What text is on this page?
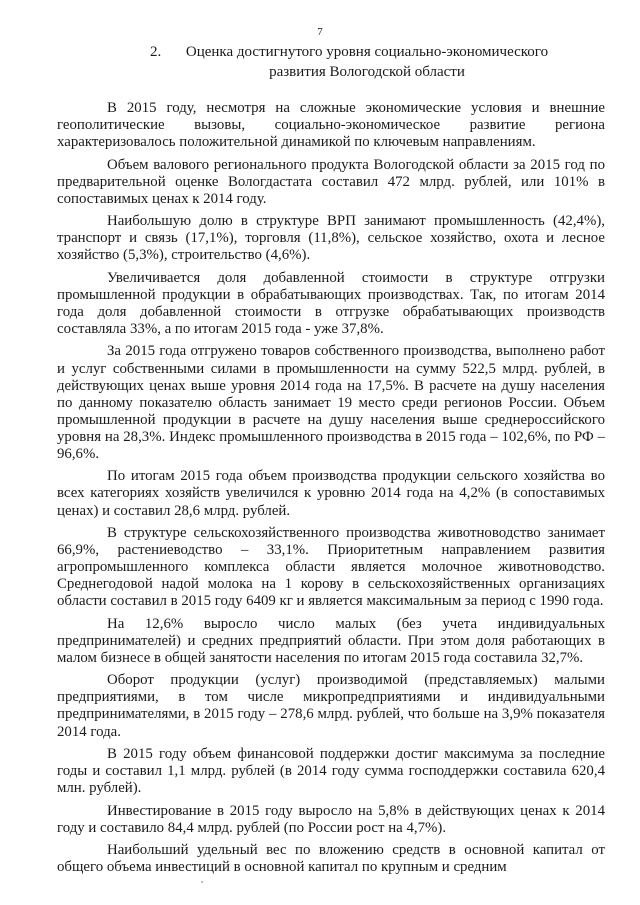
7
2.	Оценка достигнутого уровня социально-экономического развития Вологодской области

В 2015 году, несмотря на сложные экономические условия и внешние геополитические вызовы, социально-экономическое развитие региона характеризовалось положительной динамикой по ключевым направлениям.

Объем валового регионального продукта Вологодской области за 2015 год по предварительной оценке Вологдастата составил 472 млрд. рублей, или 101% в сопоставимых ценах к 2014 году.

Наибольшую долю в структуре ВРП занимают промышленность (42,4%), транспорт и связь (17,1%), торговля (11,8%), сельское хозяйство, охота и лесное хозяйство (5,3%), строительство (4,6%).

Увеличивается доля добавленной стоимости в структуре отгрузки промышленной продукции в обрабатывающих производствах. Так, по итогам 2014 года доля добавленной стоимости в отгрузке обрабатывающих производств составляла 33%, а по итогам 2015 года - уже 37,8%.

За 2015 года отгружено товаров собственного производства, выполнено работ и услуг собственными силами в промышленности на сумму 522,5 млрд. рублей, в действующих ценах выше уровня 2014 года на 17,5%. В расчете на душу населения по данному показателю область занимает 19 место среди регионов России. Объем промышленной продукции в расчете на душу населения выше среднероссийского уровня на 28,3%. Индекс промышленного производства в 2015 года – 102,6%, по РФ – 96,6%.

По итогам 2015 года объем производства продукции сельского хозяйства во всех категориях хозяйств увеличился к уровню 2014 года на 4,2% (в сопоставимых ценах) и составил 28,6 млрд. рублей.

В структуре сельскохозяйственного производства животноводство занимает 66,9%, растениеводство – 33,1%. Приоритетным направлением развития агропромышленного комплекса области является молочное животноводство. Среднегодовой надой молока на 1 корову в сельскохозяйственных организациях области составил в 2015 году 6409 кг и является максимальным за период с 1990 года.

На 12,6% выросло число малых (без учета индивидуальных предпринимателей) и средних предприятий области. При этом доля работающих в малом бизнесе в общей занятости населения по итогам 2015 года составила 32,7%.

Оборот продукции (услуг) производимой (представляемых) малыми предприятиями, в том числе микропредприятиями и индивидуальными предпринимателями, в 2015 году – 278,6 млрд. рублей, что больше на 3,9% показателя 2014 года.

В 2015 году объем финансовой поддержки достиг максимума за последние годы и составил 1,1 млрд. рублей (в 2014 году сумма господдержки составила 620,4 млн. рублей).

Инвестирование в 2015 году выросло на 5,8% в действующих ценах к 2014 году и составило 84,4 млрд. рублей (по России рост на 4,7%).

Наибольший удельный вес по вложению средств в основной капитал от общего объема инвестиций в основной капитал по крупным и средним
